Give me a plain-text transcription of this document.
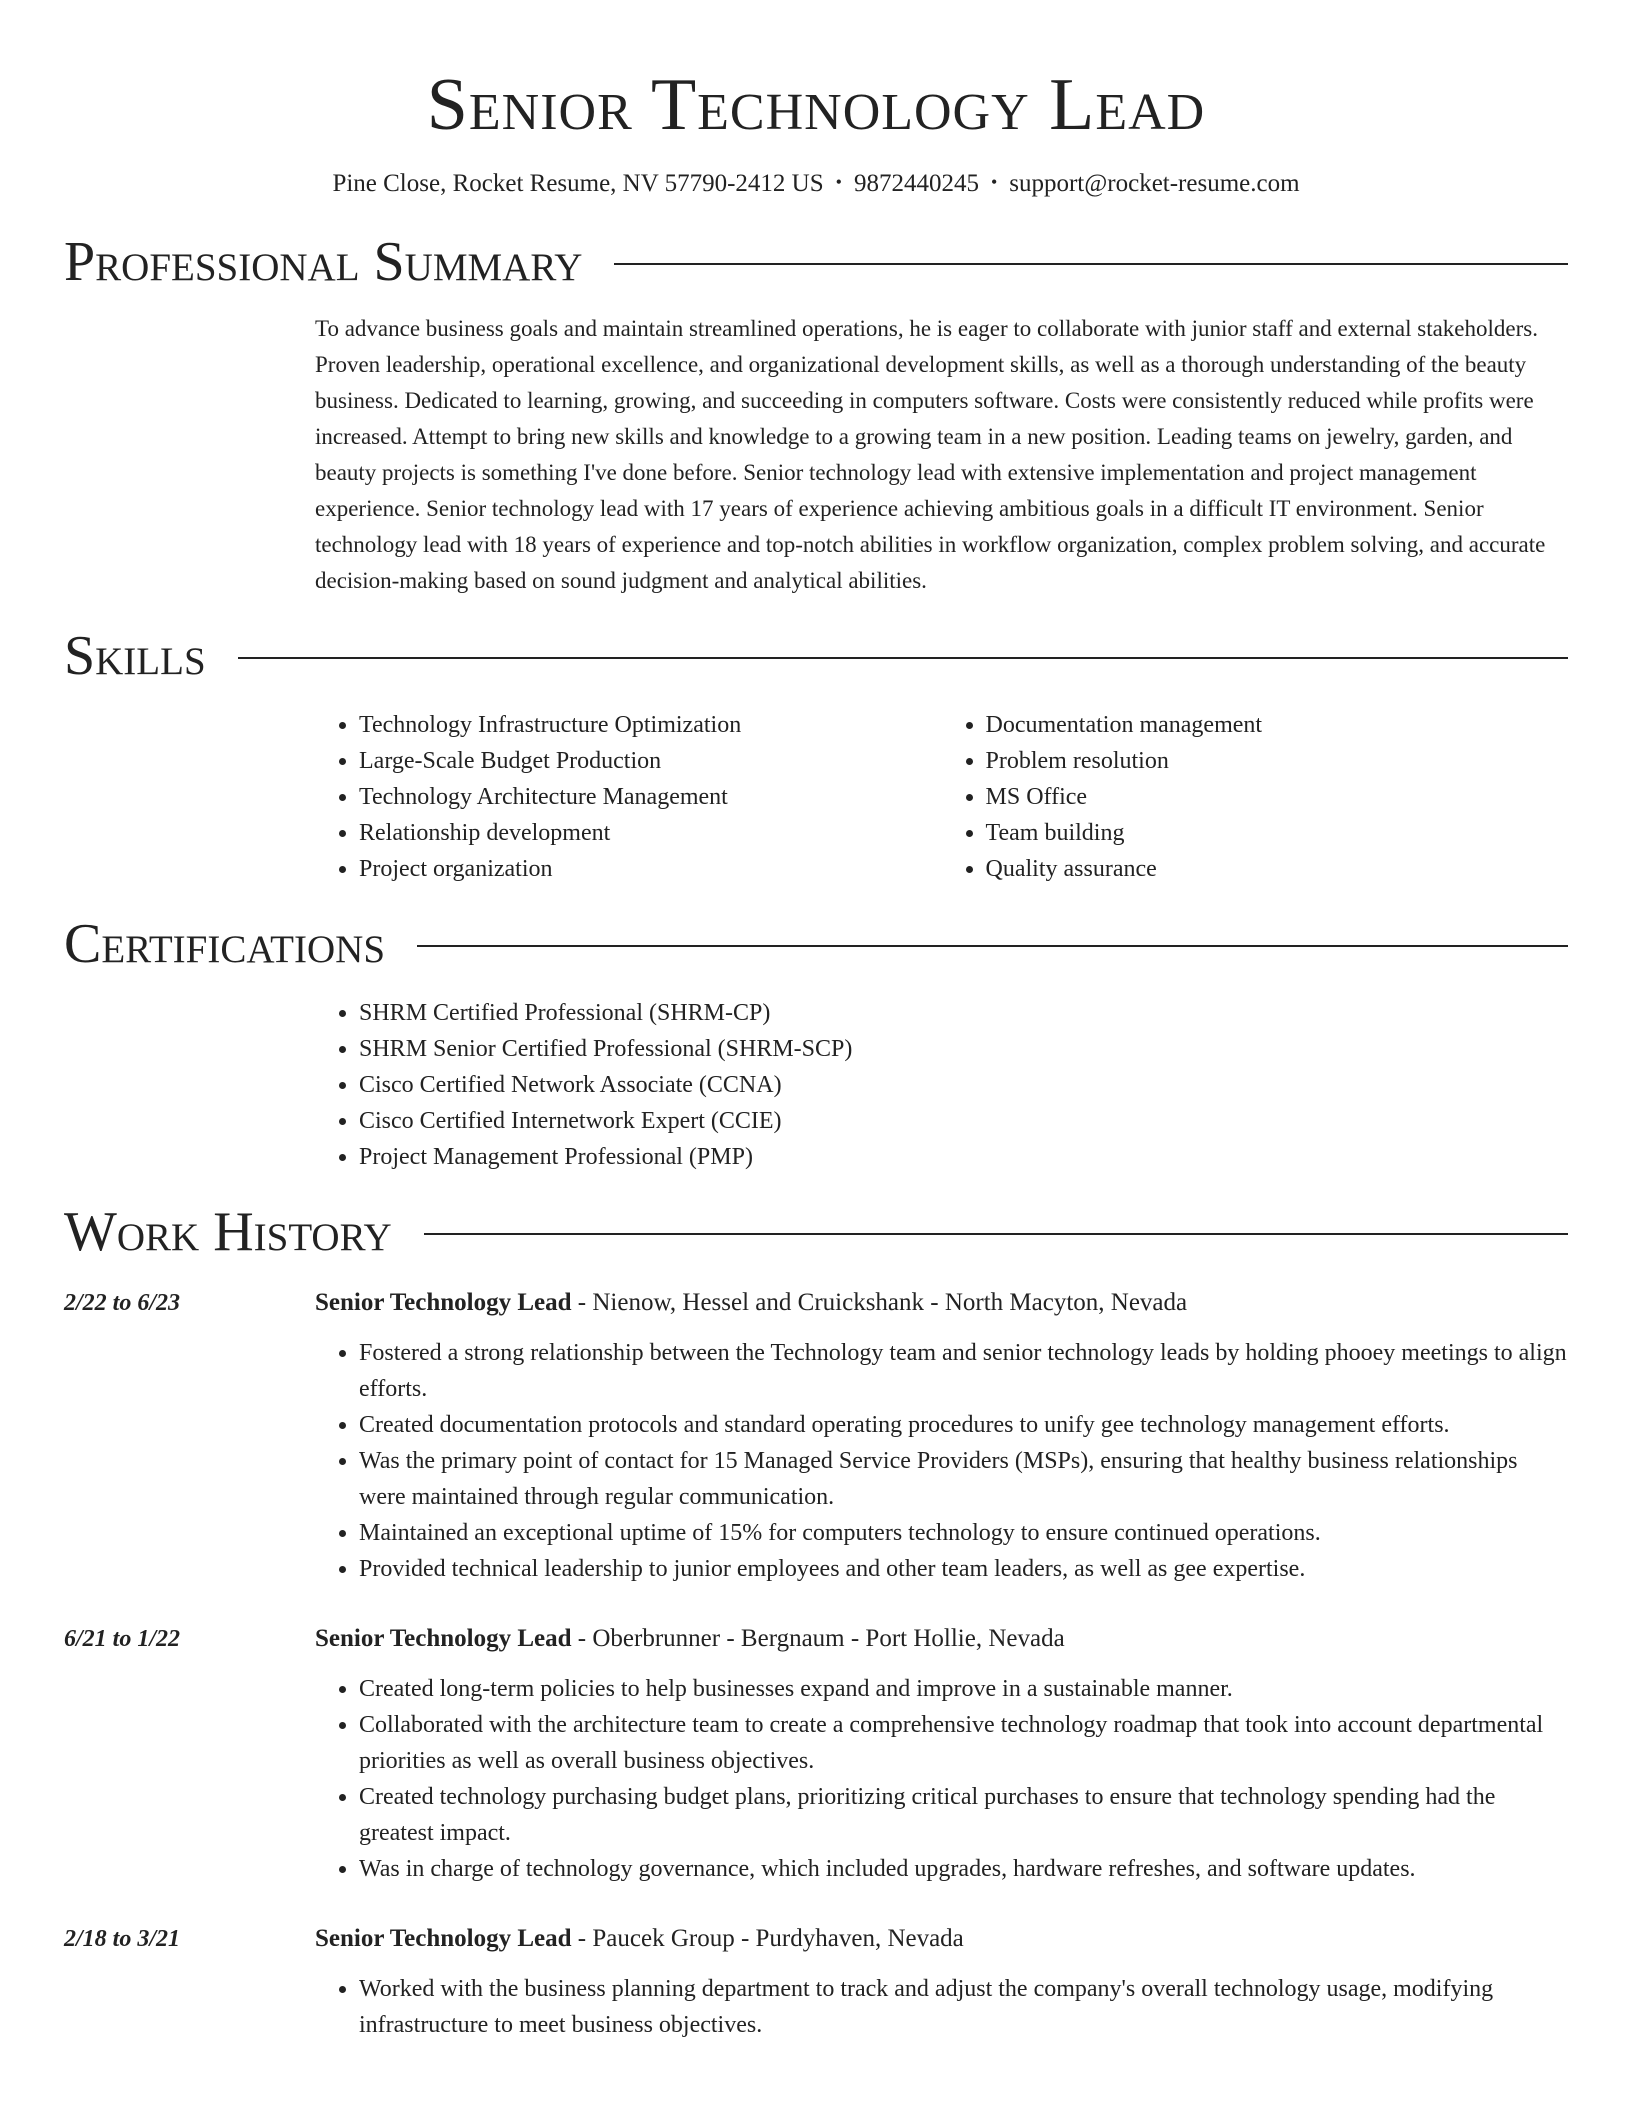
Senior Technology Lead
Pine Close, Rocket Resume, NV 57790-2412 US • 9872440245 • support@rocket-resume.com
Professional Summary

To advance business goals and maintain streamlined operations, he is eager to collaborate with junior staff and external stakeholders. Proven leadership, operational excellence, and organizational development skills, as well as a thorough understanding of the beauty business. Dedicated to learning, growing, and succeeding in computers software. Costs were consistently reduced while profits were increased. Attempt to bring new skills and knowledge to a growing team in a new position. Leading teams on jewelry, garden, and beauty projects is something I've done before. Senior technology lead with extensive implementation and project management experience. Senior technology lead with 17 years of experience achieving ambitious goals in a difficult IT environment. Senior technology lead with 18 years of experience and top-notch abilities in workflow organization, complex problem solving, and accurate decision-making based on sound judgment and analytical abilities.

Skills
• Technology Infrastructure Optimization
• Large-Scale Budget Production
• Technology Architecture Management
• Relationship development
• Project organization
• Documentation management
• Problem resolution
• MS Office
• Team building
• Quality assurance
Certifications
• SHRM Certified Professional (SHRM-CP)
• SHRM Senior Certified Professional (SHRM-SCP)
• Cisco Certified Network Associate (CCNA)
• Cisco Certified Internetwork Expert (CCIE)
• Project Management Professional (PMP)
Work History
2/22 to 6/23	Senior Technology Lead - Nienow, Hessel and Cruickshank - North Macyton, Nevada
• Fostered a strong relationship between the Technology team and senior technology leads by holding phooey meetings to align efforts.
• Created documentation protocols and standard operating procedures to unify gee technology management efforts.
• Was the primary point of contact for 15 Managed Service Providers (MSPs), ensuring that healthy business relationships were maintained through regular communication.
• Maintained an exceptional uptime of 15% for computers technology to ensure continued operations.
• Provided technical leadership to junior employees and other team leaders, as well as gee expertise.
6/21 to 1/22	Senior Technology Lead - Oberbrunner - Bergnaum - Port Hollie, Nevada
• Created long-term policies to help businesses expand and improve in a sustainable manner.
• Collaborated with the architecture team to create a comprehensive technology roadmap that took into account departmental priorities as well as overall business objectives.
• Created technology purchasing budget plans, prioritizing critical purchases to ensure that technology spending had the greatest impact.
• Was in charge of technology governance, which included upgrades, hardware refreshes, and software updates.
2/18 to 3/21	Senior Technology Lead - Paucek Group - Purdyhaven, Nevada
• Worked with the business planning department to track and adjust the company's overall technology usage, modifying infrastructure to meet business objectives.
